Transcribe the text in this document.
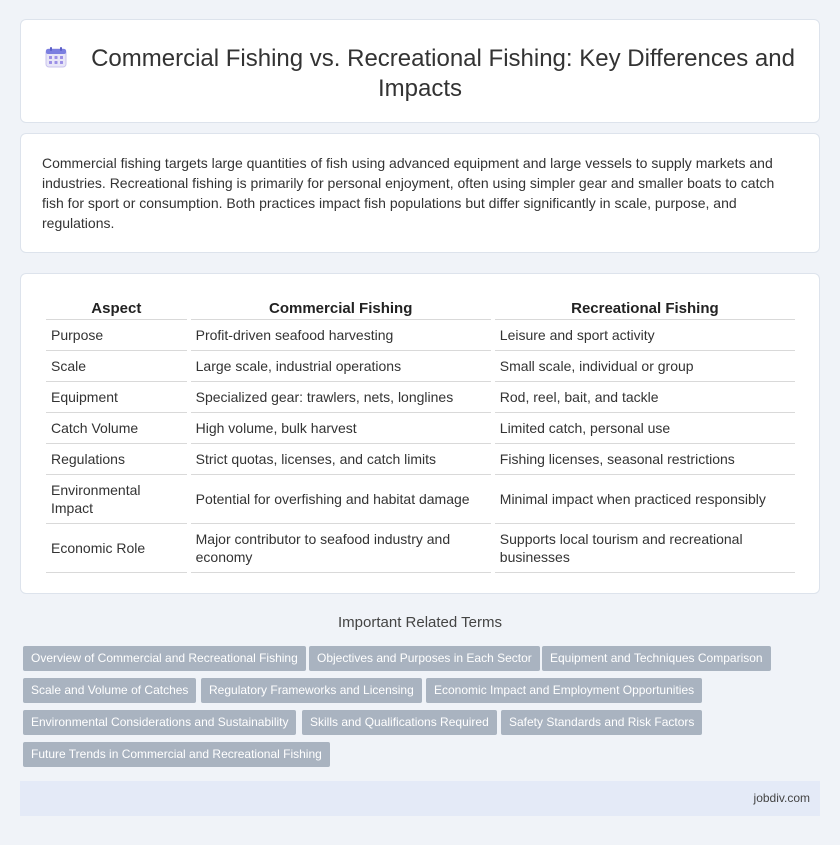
Commercial Fishing vs. Recreational Fishing: Key Differences and Impacts

Commercial fishing targets large quantities of fish using advanced equipment and large vessels to supply markets and industries. Recreational fishing is primarily for personal enjoyment, often using simpler gear and smaller boats to catch fish for sport or consumption. Both practices impact fish populations but differ significantly in scale, purpose, and regulations.

Aspect	Commercial Fishing	Recreational Fishing
Purpose	Profit-driven seafood harvesting	Leisure and sport activity
Scale	Large scale, industrial operations	Small scale, individual or group
Equipment	Specialized gear: trawlers, nets, longlines	Rod, reel, bait, and tackle
Catch Volume	High volume, bulk harvest	Limited catch, personal use
Regulations	Strict quotas, licenses, and catch limits	Fishing licenses, seasonal restrictions
Environmental Impact	Potential for overfishing and habitat damage	Minimal impact when practiced responsibly
Economic Role	Major contributor to seafood industry and economy	Supports local tourism and recreational businesses
Important Related Terms
Overview of Commercial and Recreational Fishing	Objectives and Purposes in Each Sector	Equipment and Techniques Comparison
Scale and Volume of Catches	Regulatory Frameworks and Licensing	Economic Impact and Employment Opportunities
Environmental Considerations and Sustainability	Skills and Qualifications Required	Safety Standards and Risk Factors
Future Trends in Commercial and Recreational Fishing
jobdiv.com
